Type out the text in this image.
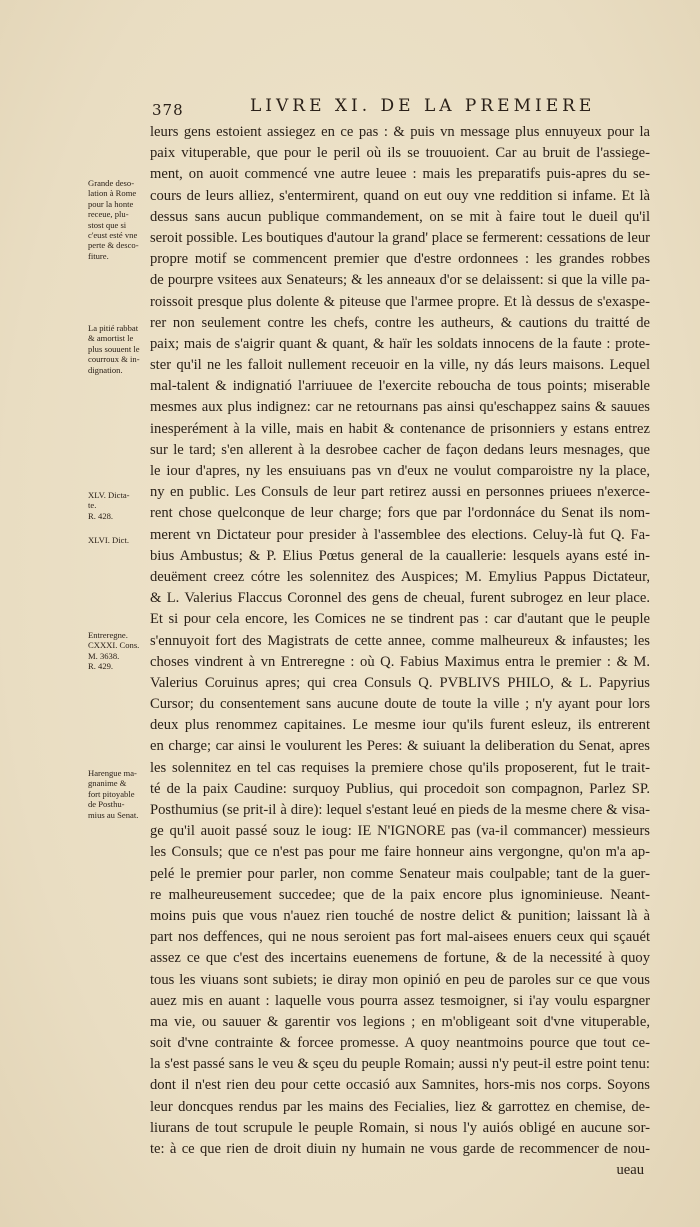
378	LIVRE XI. DE LA PREMIERE
leurs gens estoient assiegez en ce pas : & puis vn message plus ennuyeux pour la
paix vituperable, que pour le peril où ils se trouuoient. Car au bruit de l'assiege-
ment, on auoit commencé vne autre leuee : mais les preparatifs puis-apres du se-
cours de leurs alliez, s'entermirent, quand on eut ouy vne reddition si infame. Et là
dessus sans aucun publique commandement, on se mit à faire tout le dueil qu'il
seroit possible. Les boutiques d'autour la grand' place se fermerent: cessations de leur
propre motif se commencent premier que d'estre ordonnees : les grandes robbes
de pourpre vsitees aux Senateurs; & les anneaux d'or se delaissent: si que la ville pa-
roissoit presque plus dolente & piteuse que l'armee propre. Et là dessus de s'exaspe-
rer non seulement contre les chefs, contre les autheurs, & cautions du traitté de
paix; mais de s'aigrir quant & quant, & haïr les soldats innocens de la faute : prote-
ster qu'il ne les falloit nullement receuoir en la ville, ny dás leurs maisons. Lequel
mal-talent & indignatió l'arriuuee de l'exercite reboucha de tous points; miserable
mesmes aux plus indignez: car ne retournans pas ainsi qu'eschappez sains & sauues
inesperément à la ville, mais en habit & contenance de prisonniers y estans entrez
sur le tard; s'en allerent à la desrobee cacher de façon dedans leurs mesnages, que
le iour d'apres, ny les ensuiuans pas vn d'eux ne voulut comparoistre ny la place,
ny en public. Les Consuls de leur part retirez aussi en personnes priuees n'exerce-
rent chose quelconque de leur charge; fors que par l'ordonnáce du Senat ils nom-
merent vn Dictateur pour presider à l'assemblee des elections. Celuy-là fut Q. Fa-
bius Ambustus; & P. Elius Pœtus general de la cauallerie: lesquels ayans esté in-
deuëment creez cótre les solennitez des Auspices; M. Emylius Pappus Dictateur,
& L. Valerius Flaccus Coronnel des gens de cheual, furent subrogez en leur place.
Et si pour cela encore, les Comices ne se tindrent pas : car d'autant que le peuple
s'ennuyoit fort des Magistrats de cette annee, comme malheureux & infaustes; les
choses vindrent à vn Entreregne : où Q. Fabius Maximus entra le premier : & M.
Valerius Coruinus apres; qui crea Consuls Q. PVBLIVS PHILO, & L. Papyrius
Cursor; du consentement sans aucune doute de toute la ville ; n'y ayant pour lors
deux plus renommez capitaines. Le mesme iour qu'ils furent esleuz, ils entrerent
en charge; car ainsi le voulurent les Peres: & suiuant la deliberation du Senat, apres
les solennitez en tel cas requises la premiere chose qu'ils proposerent, fut le trait-
té de la paix Caudine: surquoy Publius, qui procedoit son compagnon, Parlez SP.
Posthumius (se prit-il à dire): lequel s'estant leué en pieds de la mesme chere & visa-
ge qu'il auoit passé souz le ioug: IE N'IGNORE pas (va-il commancer) messieurs
les Consuls; que ce n'est pas pour me faire honneur ains vergongne, qu'on m'a ap-
pelé le premier pour parler, non comme Senateur mais coulpable; tant de la guer-
re malheureusement succedee; que de la paix encore plus ignominieuse. Neant-
moins puis que vous n'auez rien touché de nostre delict & punition; laissant là à
part nos deffences, qui ne nous seroient pas fort mal-aisees enuers ceux qui sçauét
assez ce que c'est des incertains euenemens de fortune, & de la necessité à quoy
tous les viuans sont subiets; ie diray mon opinió en peu de paroles sur ce que vous
auez mis en auant : laquelle vous pourra assez tesmoigner, si i'ay voulu espargner
ma vie, ou sauuer & garentir vos legions ; en m'obligeant soit d'vne vituperable,
soit d'vne contrainte & forcee promesse. A quoy neantmoins pource que tout ce-
la s'est passé sans le veu & sçeu du peuple Romain; aussi n'y peut-il estre point tenu:
dont il n'est rien deu pour cette occasió aux Samnites, hors-mis nos corps. Soyons
leur doncques rendus par les mains des Fecialies, liez & garrottez en chemise, de-
liurans de tout scrupule le peuple Romain, si nous l'y auiós obligé en aucune sor-
te: à ce que rien de droit diuin ny humain ne vous garde de recommencer de nou-
ueau
Grande deso-
lation à Rome
pour la honte
receue, plu-
stost que si
c'eust esté vne
perte & desco-
fiture.
La pitié rabbat
& amortist le
plus souuent le
courroux & in-
dignation.
XLV. Dicta-
te.
R. 428.
XLVI. Dict.
Entreregne.
CXXXI. Cons.
M. 3638.
R. 429.
Harengue ma-
gnanime &
fort pitoyable
de Posthu-
mius au Senat.
